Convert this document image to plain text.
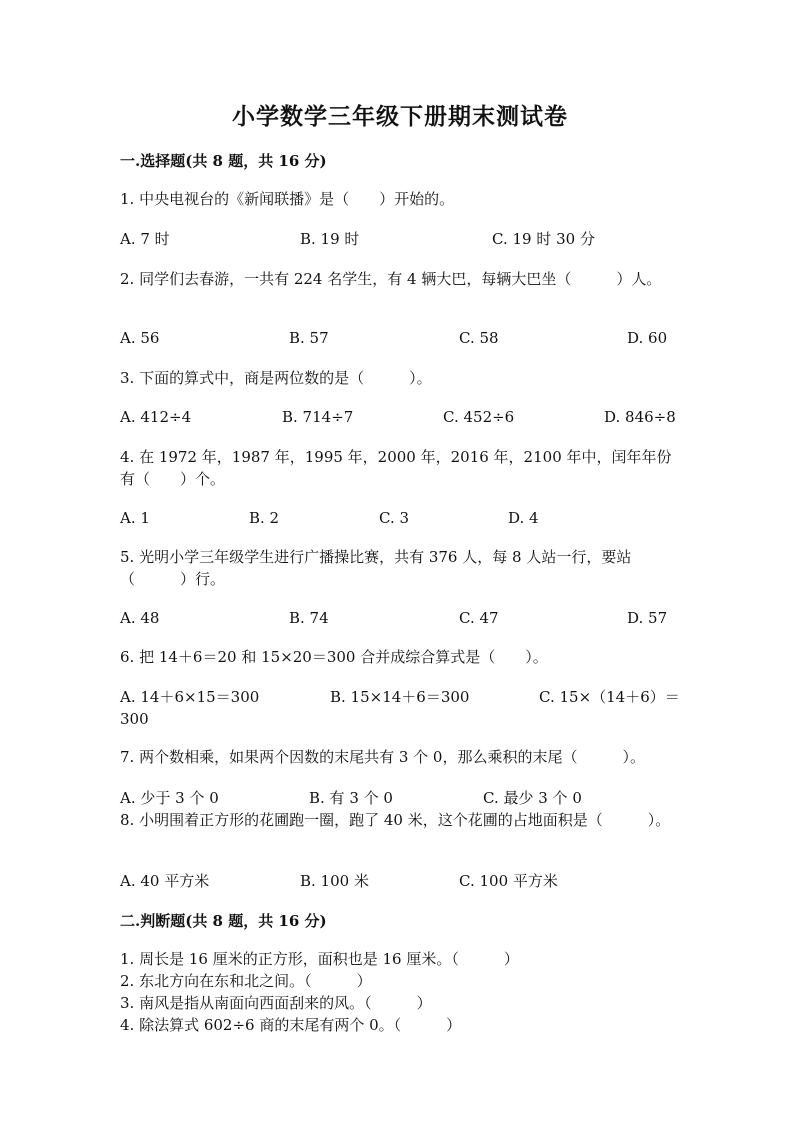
小学数学三年级下册期末测试卷
一.选择题(共 8 题，共 16 分)
1. 中央电视台的《新闻联播》是（　　）开始的。
A. 7 时	B. 19 时	C. 19 时 30 分
2. 同学们去春游，一共有 224 名学生，有 4 辆大巴，每辆大巴坐（　　　）人。
A. 56	B. 57	C. 58	D. 60
3. 下面的算式中，商是两位数的是（　　　）。
A. 412÷4	B. 714÷7	C. 452÷6	D. 846÷8
4. 在 1972 年，1987 年，1995 年，2000 年，2016 年，2100 年中，闰年年份有（　　）个。
A. 1	B. 2	C. 3	D. 4
5. 光明小学三年级学生进行广播操比赛，共有 376 人，每 8 人站一行，要站（　　　）行。
A. 48	B. 74	C. 47	D. 57
6. 把 14＋6＝20 和 15×20＝300 合并成综合算式是（　　）。
A. 14＋6×15＝300	B. 15×14＋6＝300	C. 15×（14＋6）＝
300
7. 两个数相乘，如果两个因数的末尾共有 3 个 0，那么乘积的末尾（　　　）。
A. 少于 3 个 0	B. 有 3 个 0	C. 最少 3 个 0
8. 小明围着正方形的花圃跑一圈，跑了 40 米，这个花圃的占地面积是（　　　）。
A. 40 平方米	B. 100 米	C. 100 平方米
二.判断题(共 8 题，共 16 分)
1. 周长是 16 厘米的正方形，面积也是 16 厘米。（　　　）
2. 东北方向在东和北之间。（　　　）
3. 南风是指从南面向西面刮来的风。（　　　）
4. 除法算式 602÷6 商的末尾有两个 0。（　　　）
